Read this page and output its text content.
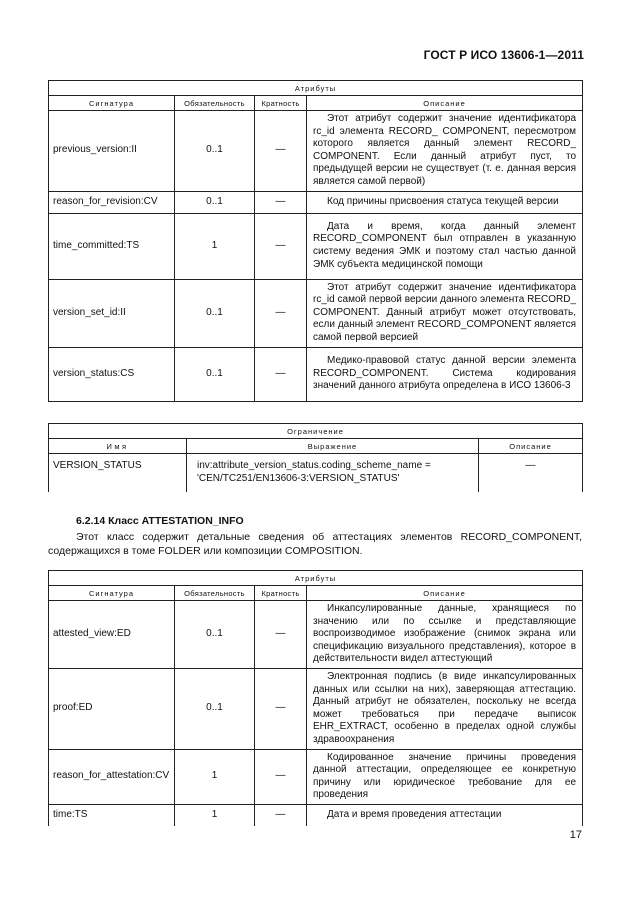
ГОСТ Р ИСО 13606-1—2011
Атрибуты			
Сигнатура	Обязательность	Кратность	Описание
previous_version:II	0..1	—	Этот атрибут содержит значение идентификатора rc_id элемента RECORD_ COMPONENT, пересмотром которого является данный элемент RECORD_ COMPONENT. Если данный атрибут пуст, то предыдущей версии не существует (т. е. данная версия является самой первой)
reason_for_revision:CV	0..1	—	Код причины присвоения статуса текущей версии
time_committed:TS	1	—	Дата и время, когда данный элемент RECORD_COMPONENT был отправлен в указанную систему ведения ЭМК и поэтому стал частью данной ЭМК субъекта медицинской помощи
version_set_id:II	0..1	—	Этот атрибут содержит значение идентификатора rc_id самой первой версии данного элемента RECORD_ COMPONENT. Данный атрибут может отсутствовать, если данный элемент RECORD_COMPONENT является самой первой версией
version_status:CS	0..1	—	Медико-правовой статус данной версии элемента RECORD_COMPONENT. Система кодирования значений данного атрибута определена в ИСО 13606-3
Ограничение		
Имя	Выражение	Описание
VERSION_STATUS	inv:attribute_version_status.coding_scheme_name = 'CEN/TC251/EN13606-3:VERSION_STATUS'	—
6.2.14 Класс ATTESTATION_INFO
Этот класс содержит детальные сведения об аттестациях элементов RECORD_COMPONENT, содержащихся в томе FOLDER или композиции COMPOSITION.
Атрибуты			
Сигнатура	Обязательность	Кратность	Описание
attested_view:ED	0..1	—	Инкапсулированные данные, хранящиеся по значению или по ссылке и представляющие воспроизводимое изображение (снимок экрана или спецификацию визуального представления), которое в действительности видел аттестующий
proof:ED	0..1	—	Электронная подпись (в виде инкапсулированных данных или ссылки на них), заверяющая аттестацию. Данный атрибут не обязателен, поскольку не всегда может требоваться при передаче выписок EHR_EXTRACT, особенно в пределах одной службы здравоохранения
reason_for_attestation:CV	1	—	Кодированное значение причины проведения данной аттестации, определяющее ее конкретную причину или юридическое требование для ее проведения
time:TS	1	—	Дата и время проведения аттестации
17
